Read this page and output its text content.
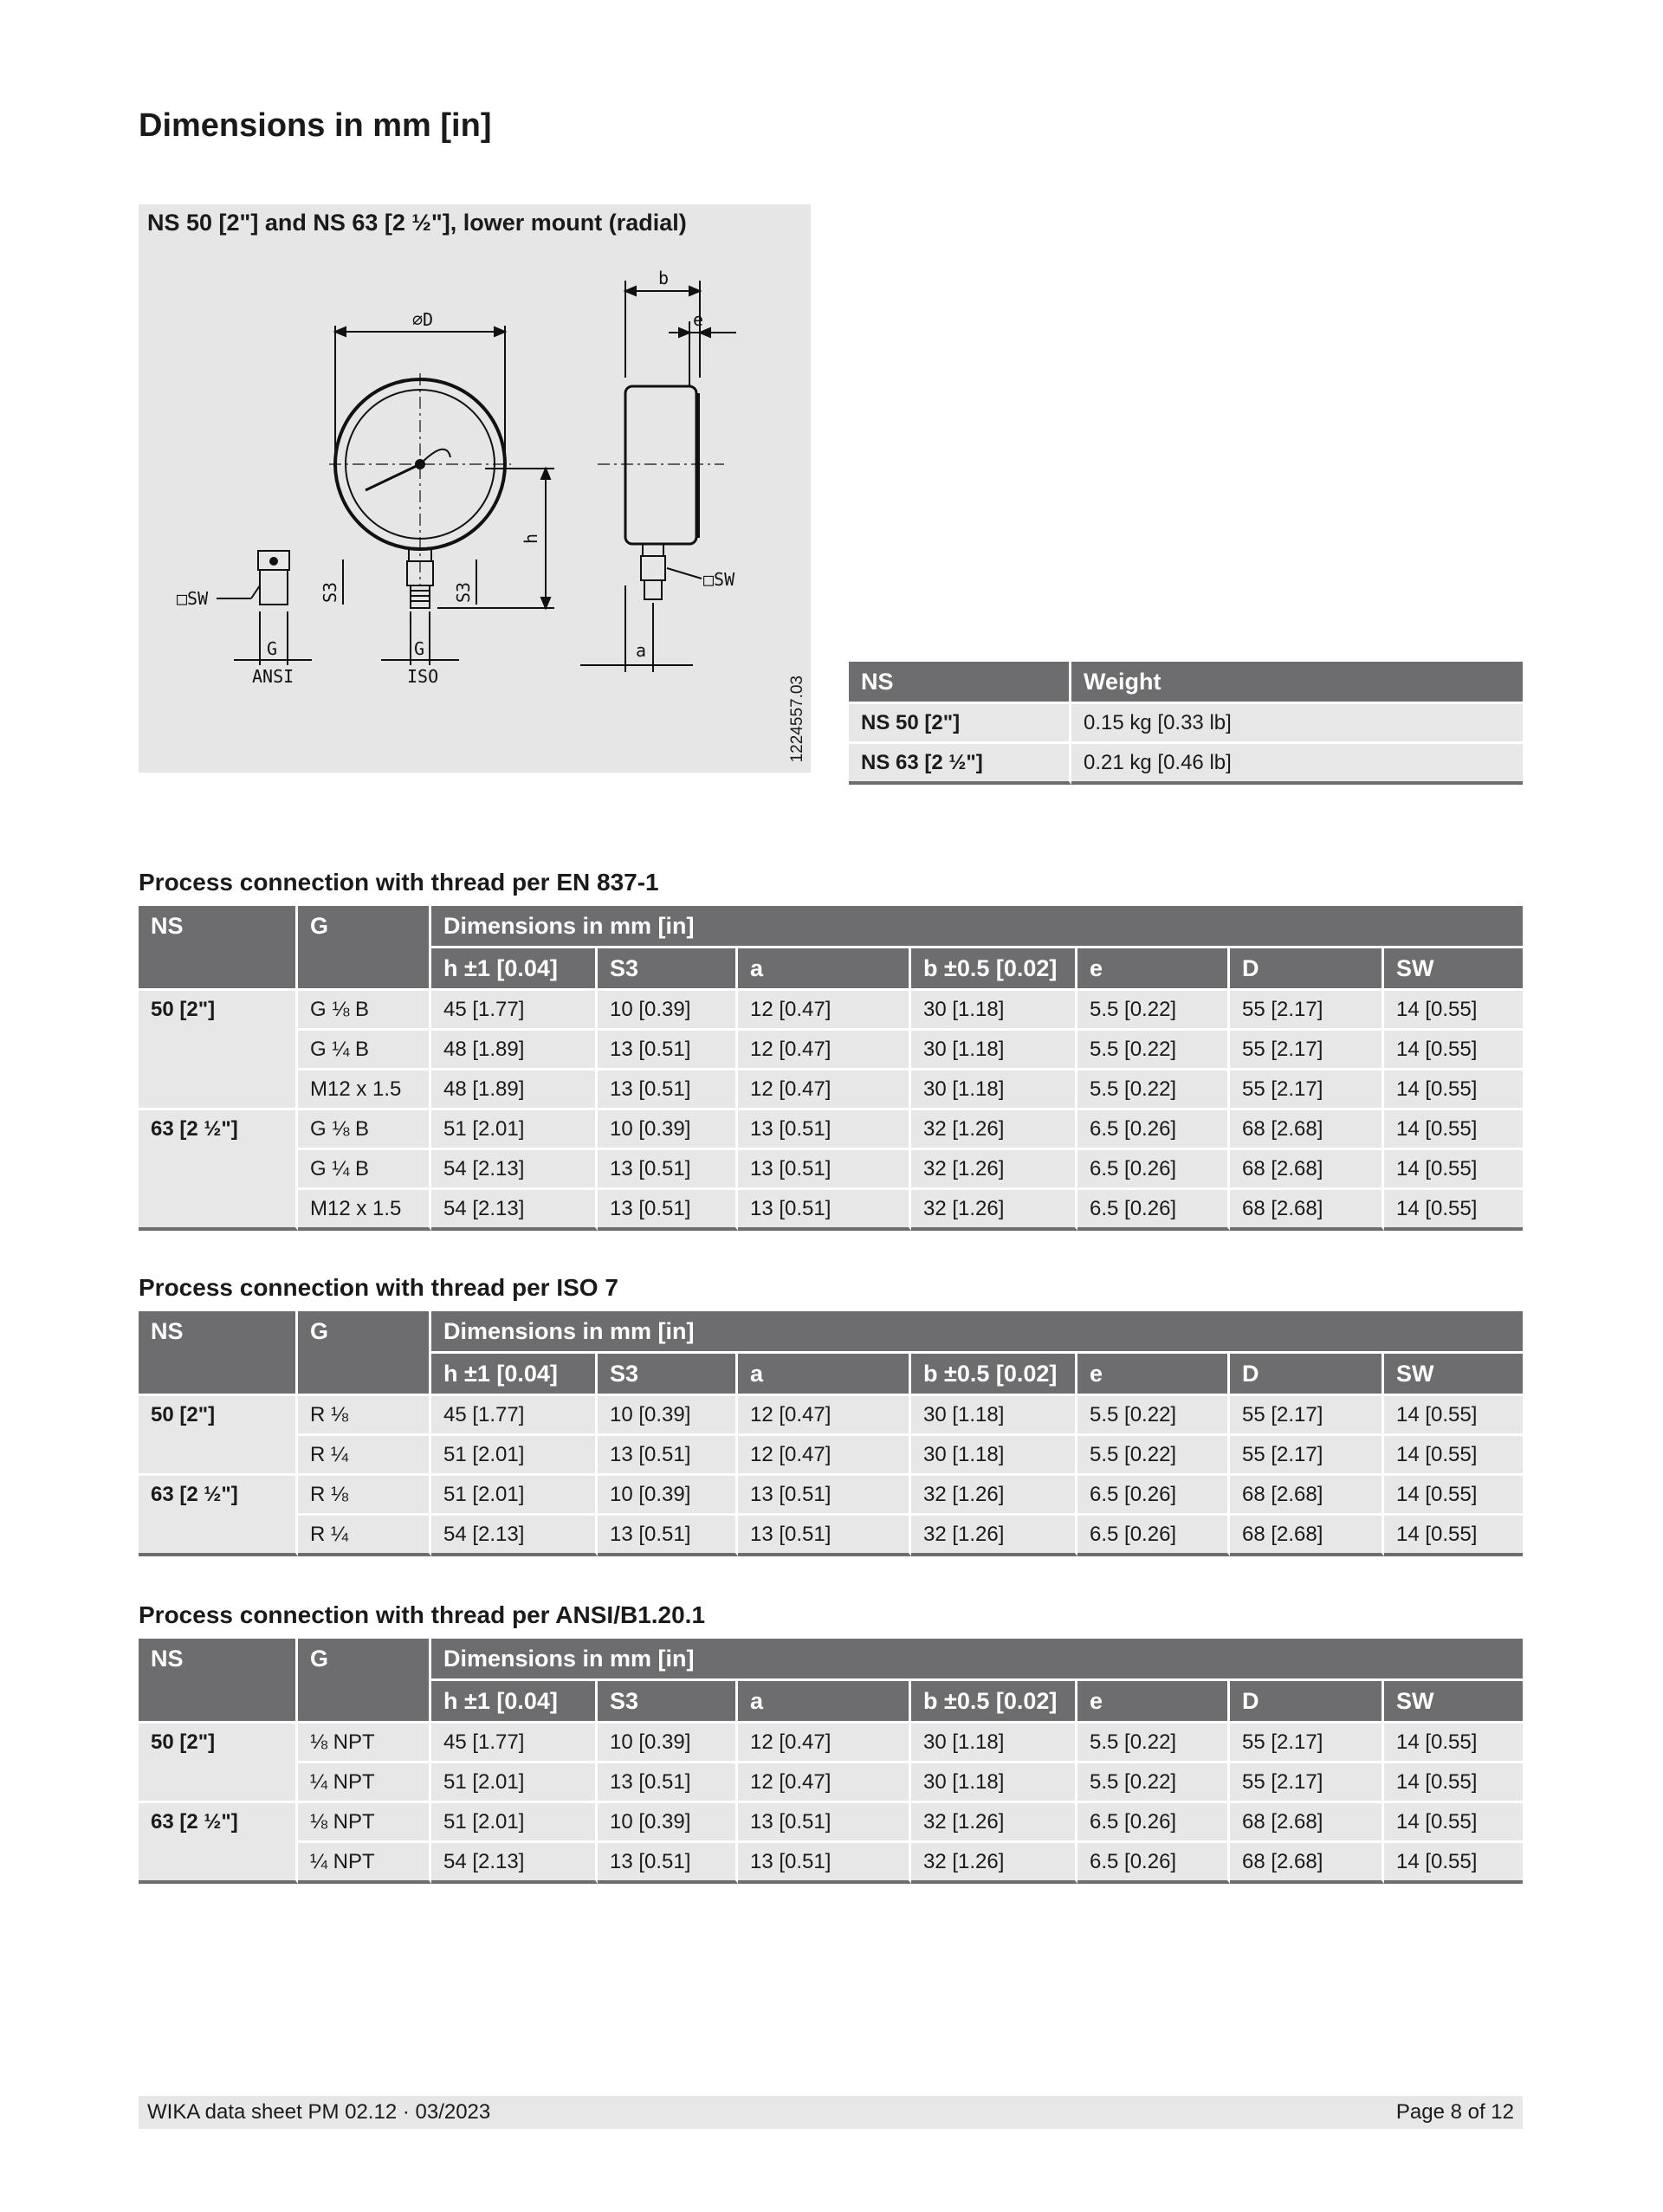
Dimensions in mm [in]
NS 50 [2"] and NS 63 [2 ½"], lower mount (radial)
1224557.03
⌀D
b
e
h
a
S3	S3
□SW
□SW
G
ANSI
G
ISO	NS	Weight
NS 50 [2"]	0.15 kg [0.33 lb]
NS 63 [2 ½"]	0.21 kg [0.46 lb]
Process connection with thread per EN 837-1
Process connection with thread per ISO 7
Process connection with thread per ANSI/B1.20.1
NS	G	Dimensions in mm [in]						
		h ±1 [0.04]	S3	a	b ±0.5 [0.02]	e	D	SW
50 [2"]	G ⅛ B	45 [1.77]	10 [0.39]	12 [0.47]	30 [1.18]	5.5 [0.22]	55 [2.17]	14 [0.55]
	G ¼ B	48 [1.89]	13 [0.51]	12 [0.47]	30 [1.18]	5.5 [0.22]	55 [2.17]	14 [0.55]
	M12 x 1.5	48 [1.89]	13 [0.51]	12 [0.47]	30 [1.18]	5.5 [0.22]	55 [2.17]	14 [0.55]
63 [2 ½"]	G ⅛ B	51 [2.01]	10 [0.39]	13 [0.51]	32 [1.26]	6.5 [0.26]	68 [2.68]	14 [0.55]
	G ¼ B	54 [2.13]	13 [0.51]	13 [0.51]	32 [1.26]	6.5 [0.26]	68 [2.68]	14 [0.55]
	M12 x 1.5	54 [2.13]	13 [0.51]	13 [0.51]	32 [1.26]	6.5 [0.26]	68 [2.68]	14 [0.55]
NS	G	Dimensions in mm [in]						
		h ±1 [0.04]	S3	a	b ±0.5 [0.02]	e	D	SW
50 [2"]	R ⅛	45 [1.77]	10 [0.39]	12 [0.47]	30 [1.18]	5.5 [0.22]	55 [2.17]	14 [0.55]
	R ¼	51 [2.01]	13 [0.51]	12 [0.47]	30 [1.18]	5.5 [0.22]	55 [2.17]	14 [0.55]
63 [2 ½"]	R ⅛	51 [2.01]	10 [0.39]	13 [0.51]	32 [1.26]	6.5 [0.26]	68 [2.68]	14 [0.55]
	R ¼	54 [2.13]	13 [0.51]	13 [0.51]	32 [1.26]	6.5 [0.26]	68 [2.68]	14 [0.55]
NS	G	Dimensions in mm [in]						
		h ±1 [0.04]	S3	a	b ±0.5 [0.02]	e	D	SW
50 [2"]	⅛ NPT	45 [1.77]	10 [0.39]	12 [0.47]	30 [1.18]	5.5 [0.22]	55 [2.17]	14 [0.55]
	¼ NPT	51 [2.01]	13 [0.51]	12 [0.47]	30 [1.18]	5.5 [0.22]	55 [2.17]	14 [0.55]
63 [2 ½"]	⅛ NPT	51 [2.01]	10 [0.39]	13 [0.51]	32 [1.26]	6.5 [0.26]	68 [2.68]	14 [0.55]
	¼ NPT	54 [2.13]	13 [0.51]	13 [0.51]	32 [1.26]	6.5 [0.26]	68 [2.68]	14 [0.55]
WIKA data sheet PM 02.12 · 03/2023	Page 8 of 12
